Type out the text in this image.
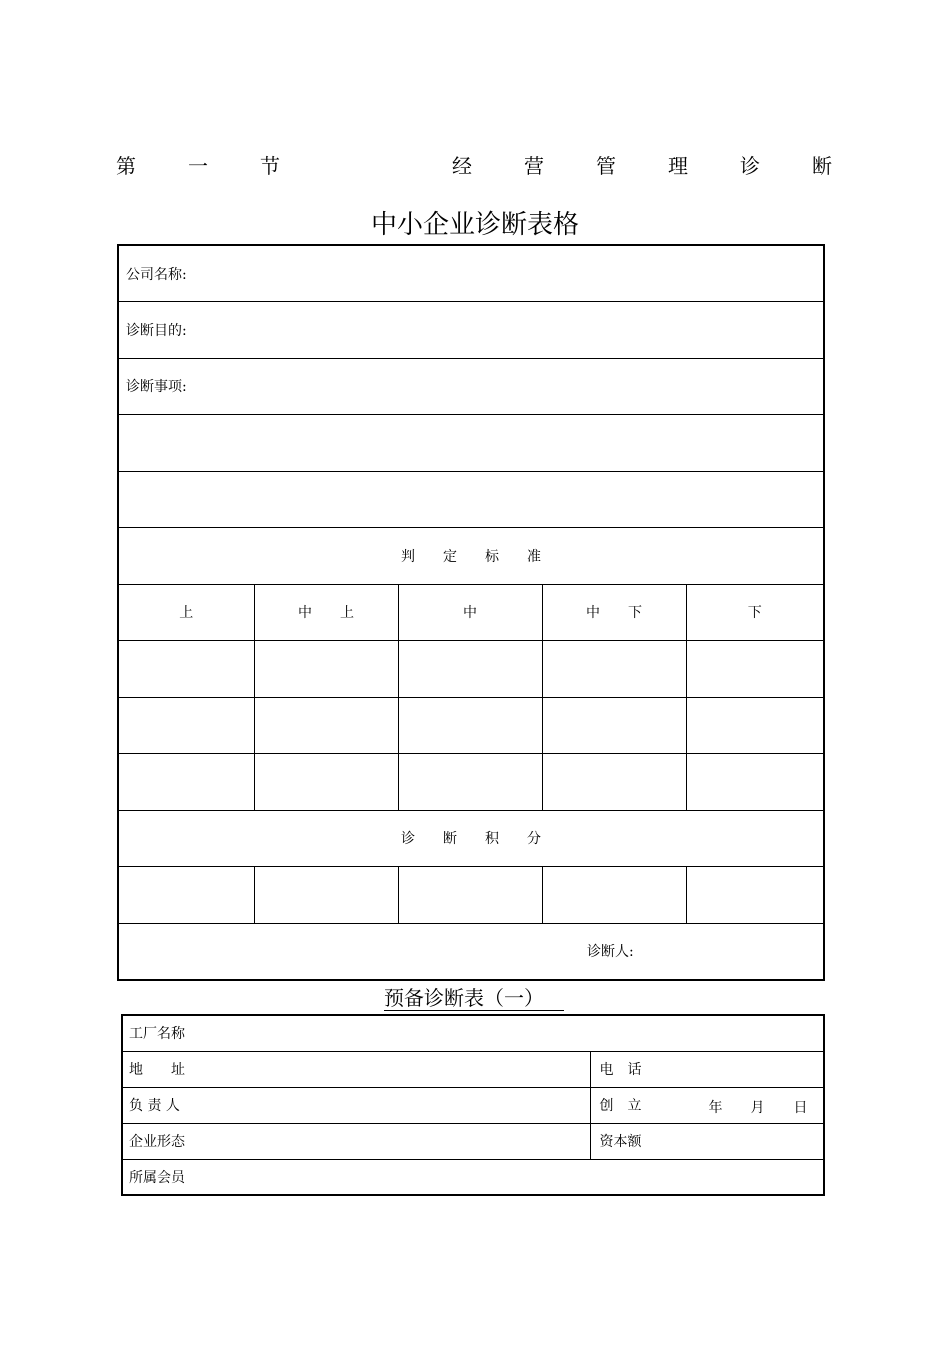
第	一	节	经	营	管	理	诊	断
中小企业诊断表格
公司名称:				
诊断目的:				
诊断事项:				

判　　定　　标　　准				
上	中　　上	中	中　　下	下

诊　　断　　积　　分				

诊断人:				
预备诊断表（一）
工厂名称	
地　　址	电　话
负 责 人	创　立 年 月 日

企业形态	资本额
所属会员	
